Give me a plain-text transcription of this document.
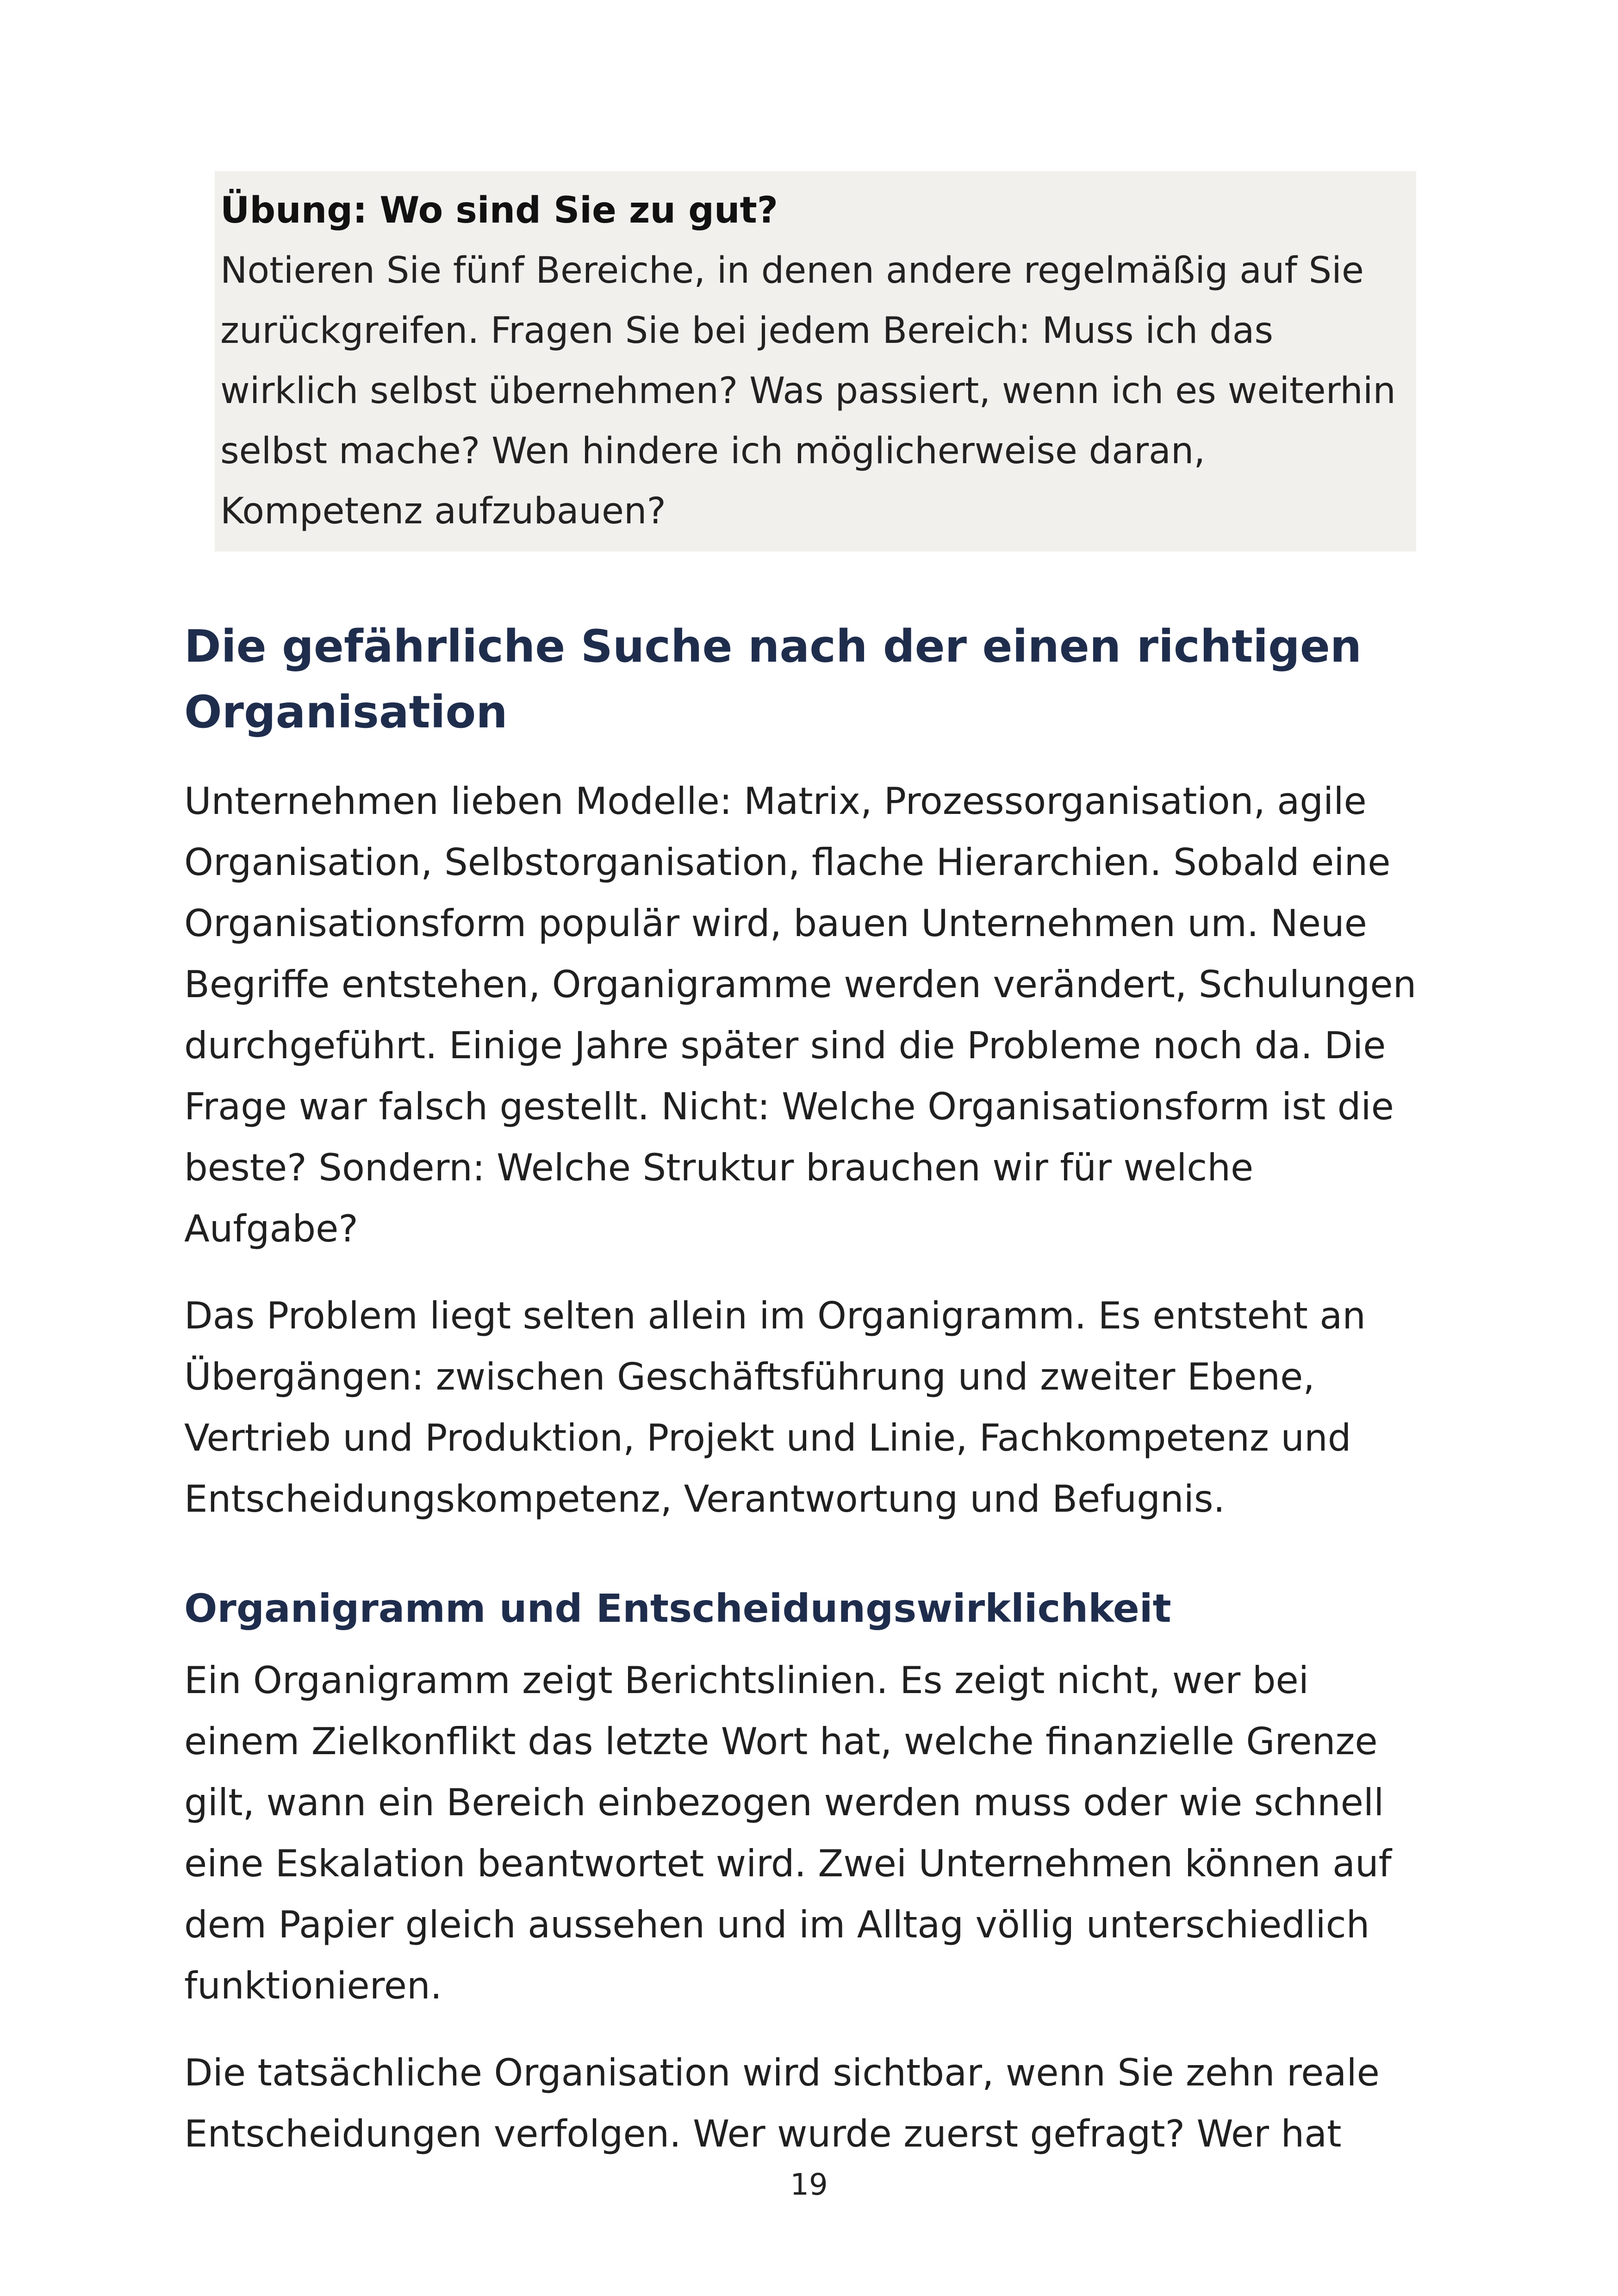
Übung: Wo sind Sie zu gut?
Notieren Sie fünf Bereiche, in denen andere regelmäßig auf Sie zurückgreifen. Fragen Sie bei jedem Bereich: Muss ich das wirklich selbst übernehmen? Was passiert, wenn ich es weiterhin selbst mache? Wen hindere ich möglicherweise daran, Kompetenz aufzubauen?
Die gefährliche Suche nach der einen richtigen Organisation

Unternehmen lieben Modelle: Matrix, Prozessorganisation, agile Organisation, Selbstorganisation, flache Hierarchien. Sobald eine Organisationsform populär wird, bauen Unternehmen um. Neue Begriffe entstehen, Organigramme werden verändert, Schulungen durchgeführt. Einige Jahre später sind die Probleme noch da. Die Frage war falsch gestellt. Nicht: Welche Organisationsform ist die beste? Sondern: Welche Struktur brauchen wir für welche Aufgabe?

Das Problem liegt selten allein im Organigramm. Es entsteht an Übergängen: zwischen Geschäftsführung und zweiter Ebene, Vertrieb und Produktion, Projekt und Linie, Fachkompetenz und Entscheidungskompetenz, Verantwortung und Befugnis.

Organigramm und Entscheidungswirklichkeit

Ein Organigramm zeigt Berichtslinien. Es zeigt nicht, wer bei einem Zielkonflikt das letzte Wort hat, welche finanzielle Grenze gilt, wann ein Bereich einbezogen werden muss oder wie schnell eine Eskalation beantwortet wird. Zwei Unternehmen können auf dem Papier gleich aussehen und im Alltag völlig unterschiedlich funktionieren.

Die tatsächliche Organisation wird sichtbar, wenn Sie zehn reale Entscheidungen verfolgen. Wer wurde zuerst gefragt? Wer hat

19
